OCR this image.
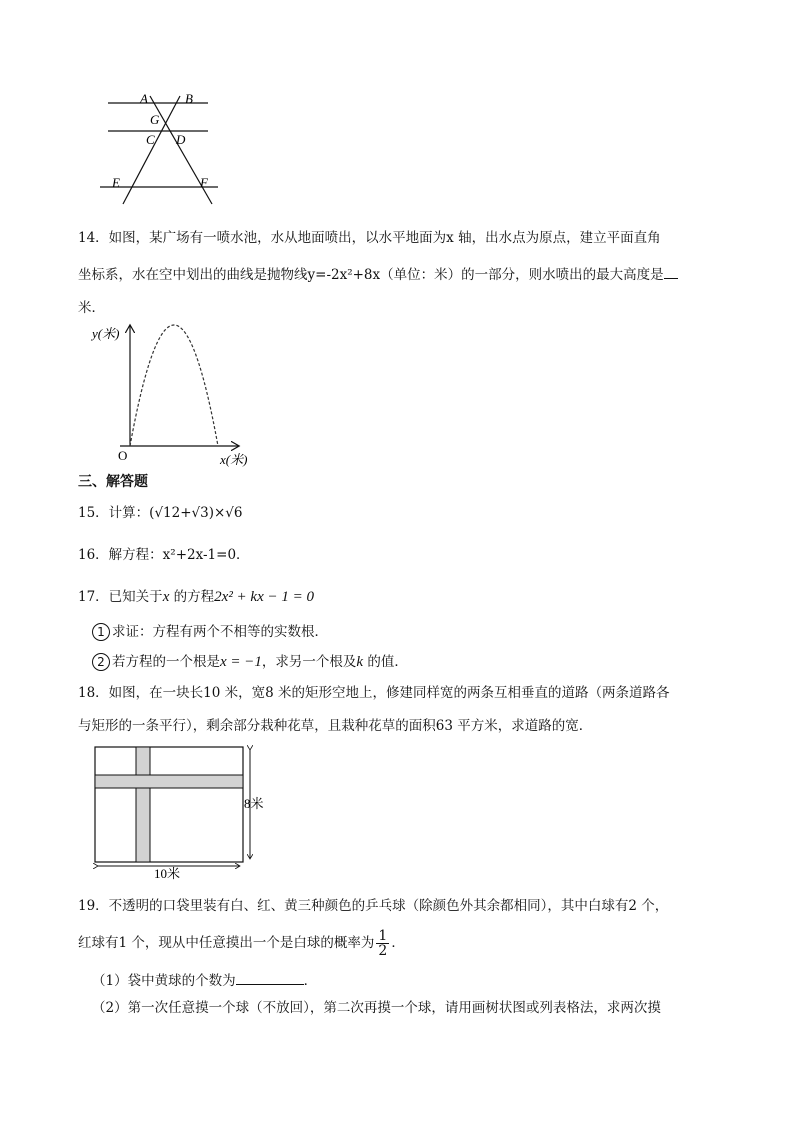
A	B
G
C D
E	F
14．如图，某广场有一喷水池，水从地面喷出，以水平地面为x 轴，出水点为原点，建立平面直角
坐标系，水在空中划出的曲线是抛物线y=-2x²+8x（单位：米）的一部分，则水喷出的最大高度是
米．
y(米)
x(米)
O
三、解答题
15．计算：(√12+√3)×√6
16．解方程：x²+2x-1=0．
17．已知关于x 的方程2x² + kx − 1 = 0
1 求证：方程有两个不相等的实数根．
2 若方程的一个根是x = −1，求另一个根及k 的值．
18．如图，在一块长10 米，宽8 米的矩形空地上，修建同样宽的两条互相垂直的道路（两条道路各
与矩形的一条平行），剩余部分栽种花草，且栽种花草的面积63 平方米，求道路的宽．
8米
10米
19．不透明的口袋里装有白、红、黄三种颜色的乒乓球（除颜色外其余都相同），其中白球有2 个，
红球有1 个，现从中任意摸出一个是白球的概率为 $\frac{1}{2}$ ．
（1）袋中黄球的个数为	．
（2）第一次任意摸一个球（不放回），第二次再摸一个球，请用画树状图或列表格法，求两次摸
